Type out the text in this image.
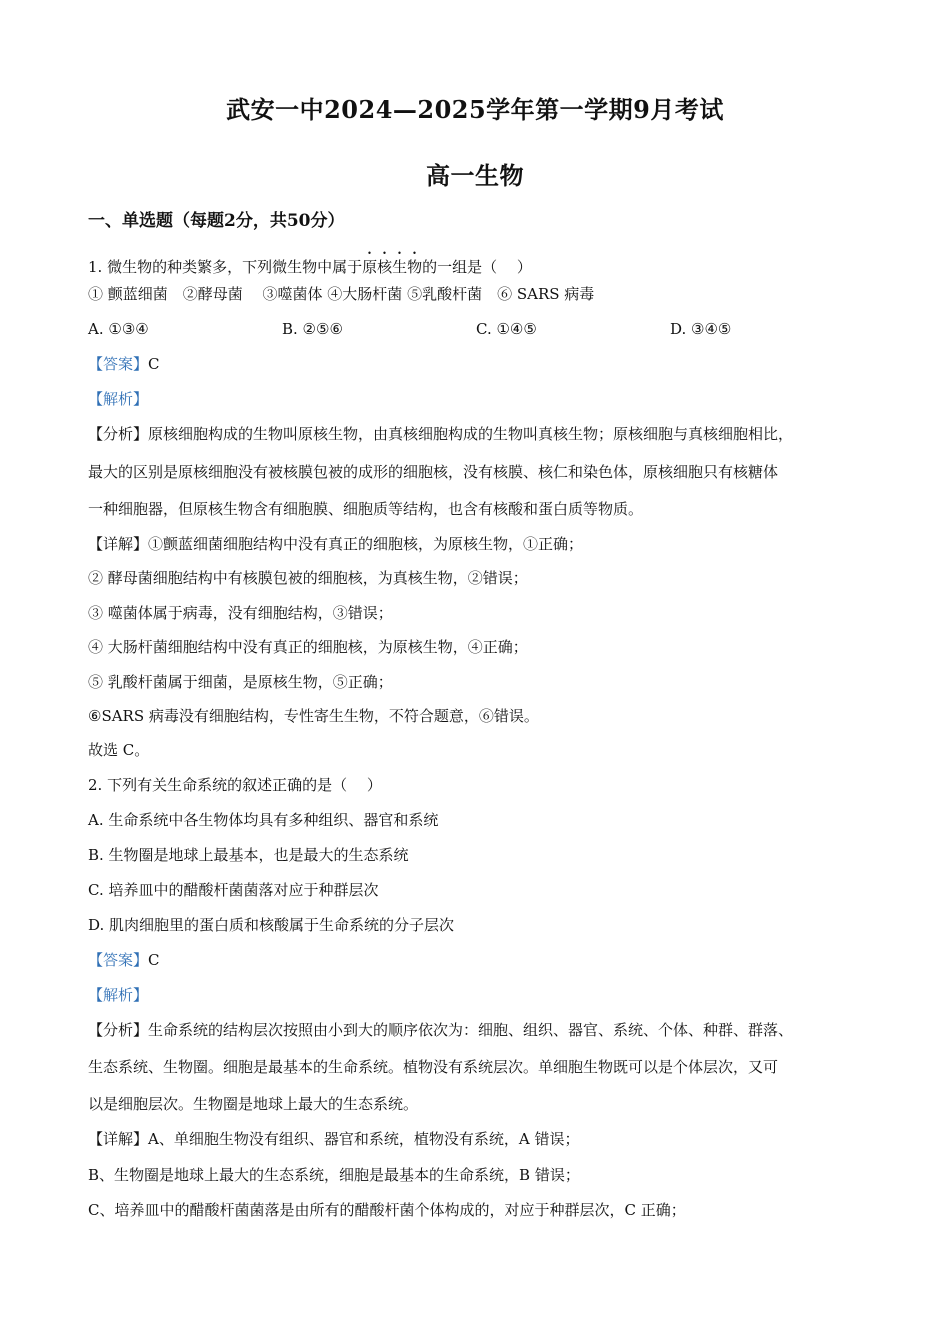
武安一中2024—2025学年第一学期9月考试
高一生物
一、单选题（每题2分，共50分）
1. 微生物的种类繁多，下列微生物中属于原核生物的一组是（　 ）
① 颤蓝细菌　②酵母菌　 ③噬菌体 ④大肠杆菌 ⑤乳酸杆菌　⑥ SARS 病毒
A. ①③④	B. ②⑤⑥	C. ①④⑤	D. ③④⑤
【答案】C
【解析】
【分析】原核细胞构成的生物叫原核生物，由真核细胞构成的生物叫真核生物；原核细胞与真核细胞相比，
最大的区别是原核细胞没有被核膜包被的成形的细胞核，没有核膜、核仁和染色体，原核细胞只有核糖体
一种细胞器，但原核生物含有细胞膜、细胞质等结构，也含有核酸和蛋白质等物质。
【详解】①颤蓝细菌细胞结构中没有真正的细胞核，为原核生物，①正确；
② 酵母菌细胞结构中有核膜包被的细胞核，为真核生物，②错误；
③ 噬菌体属于病毒，没有细胞结构，③错误；
④ 大肠杆菌细胞结构中没有真正的细胞核，为原核生物，④正确；
⑤ 乳酸杆菌属于细菌，是原核生物，⑤正确；
⑥SARS 病毒没有细胞结构，专性寄生生物，不符合题意，⑥错误。
故选 C。
2. 下列有关生命系统的叙述正确的是（　 ）
A. 生命系统中各生物体均具有多种组织、器官和系统
B. 生物圈是地球上最基本，也是最大的生态系统
C. 培养皿中的醋酸杆菌菌落对应于种群层次
D. 肌肉细胞里的蛋白质和核酸属于生命系统的分子层次
【答案】C
【解析】
【分析】生命系统的结构层次按照由小到大的顺序依次为：细胞、组织、器官、系统、个体、种群、群落、
生态系统、生物圈。细胞是最基本的生命系统。植物没有系统层次。单细胞生物既可以是个体层次，又可
以是细胞层次。生物圈是地球上最大的生态系统。
【详解】A、单细胞生物没有组织、器官和系统，植物没有系统，A 错误；
B、生物圈是地球上最大的生态系统，细胞是最基本的生命系统，B 错误；
C、培养皿中的醋酸杆菌菌落是由所有的醋酸杆菌个体构成的，对应于种群层次，C 正确；
